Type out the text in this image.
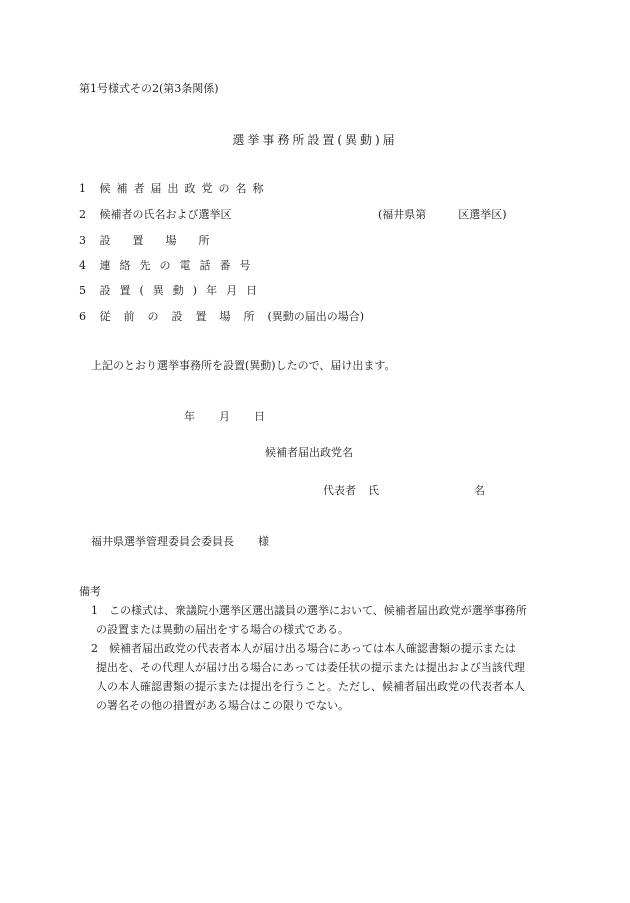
第1号様式その2(第3条関係)
選挙事務所設置(異動)届
1 候補者届出政党の名称
2 候補者の氏名および選挙区	(福井県第	区選挙区)
3 設置場所
4 連絡先の電話番号
5 設置(異動)年月日
6 従前の設置場所(異動の届出の場合)
上記のとおり選挙事務所を設置(異動)したので、届け出ます。
年 月 日
候補者届出政党名
代表者 氏	名
福井県選挙管理委員会委員長 様
備考
1 この様式は、衆議院小選挙区選出議員の選挙において、候補者届出政党が選挙事務所
の設置または異動の届出をする場合の様式である。
2 候補者届出政党の代表者本人が届け出る場合にあっては本人確認書類の提示または
提出を、その代理人が届け出る場合にあっては委任状の提示または提出および当該代理
人の本人確認書類の提示または提出を行うこと。ただし、候補者届出政党の代表者本人
の署名その他の措置がある場合はこの限りでない。
